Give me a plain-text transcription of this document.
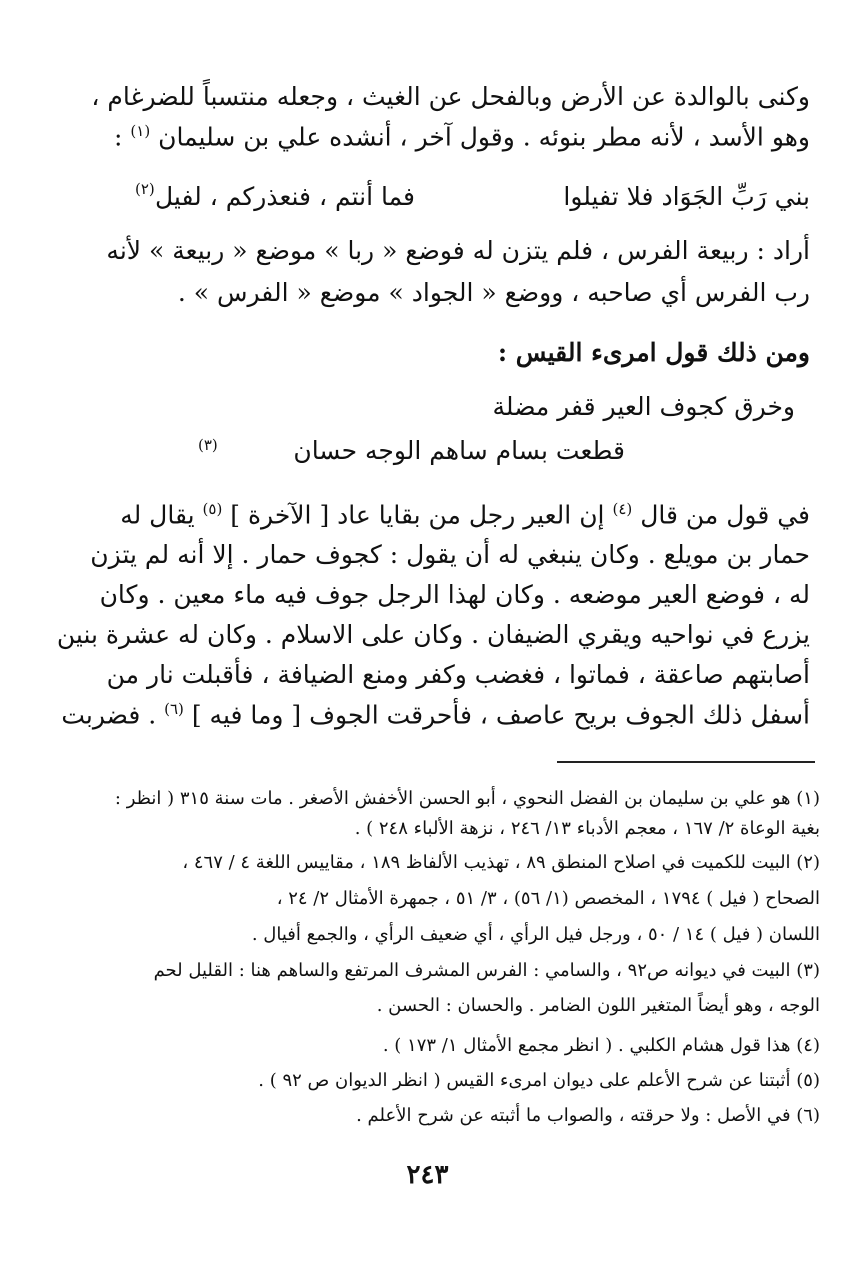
وكنى بالوالدة عن الأرض وبالفحل عن الغيث ، وجعله منتسباً للضرغام ،
وهو الأسد ، لأنه مطر بنوئه . وقول آخر ، أنشده علي بن سليمان $^{(١)}$ :
بني رَبِّ الجَوَاد فلا تفيلوا
فما أنتم ، فنعذركم ، لفيل
(٢)
أراد : ربيعة الفرس ، فلم يتزن له فوضع « ربا » موضع « ربيعة » لأنه
رب الفرس أي صاحبه ، ووضع « الجواد » موضع « الفرس » .
ومن ذلك قول امرىء القيس :
وخرق كجوف العير قفر مضلة
قطعت بسام ساهم الوجه حسان
(٣)
في قول من قال $^{(٤)}$ إن العير رجل من بقايا عاد [ الآخرة ] $^{(٥)}$ يقال له
حمار بن مويلع . وكان ينبغي له أن يقول : كجوف حمار . إلا أنه لم يتزن
له ، فوضع العير موضعه . وكان لهذا الرجل جوف فيه ماء معين . وكان
يزرع في نواحيه ويقري الضيفان . وكان على الاسلام . وكان له عشرة بنين
أصابتهم صاعقة ، فماتوا ، فغضب وكفر ومنع الضيافة ، فأقبلت نار من
أسفل ذلك الجوف بريح عاصف ، فأحرقت الجوف [ وما فيه ] $^{(٦)}$ . فضربت
(١) هو علي بن سليمان بن الفضل النحوي ، أبو الحسن الأخفش الأصغر . مات سنة ٣١٥ ( انظر :
بغية الوعاة ٢/ ١٦٧ ، معجم الأدباء ١٣/ ٢٤٦ ، نزهة الألباء ٢٤٨ ) .
(٢) البيت للكميت في اصلاح المنطق ٨٩ ، تهذيب الألفاظ ١٨٩ ، مقاييس اللغة ٤ / ٤٦٧ ،
الصحاح ( فيل ) ١٧٩٤ ، المخصص (١/ ٥٦) ، ٣/ ٥١ ، جمهرة الأمثال ٢/ ٢٤ ،
اللسان ( فيل ) ١٤ / ٥٠ ، ورجل فيل الرأي ، أي ضعيف الرأي ، والجمع أفيال .
(٣) البيت في ديوانه ص٩٢ ، والسامي : الفرس المشرف المرتفع والساهم هنا : القليل لحم
الوجه ، وهو أيضاً المتغير اللون الضامر . والحسان : الحسن .
(٤) هذا قول هشام الكلبي . ( انظر مجمع الأمثال ١/ ١٧٣ ) .
(٥) أثبتنا عن شرح الأعلم على ديوان امرىء القيس ( انظر الديوان ص ٩٢ ) .
(٦) في الأصل : ولا حرقته ، والصواب ما أثبته عن شرح الأعلم .
٢٤٣
